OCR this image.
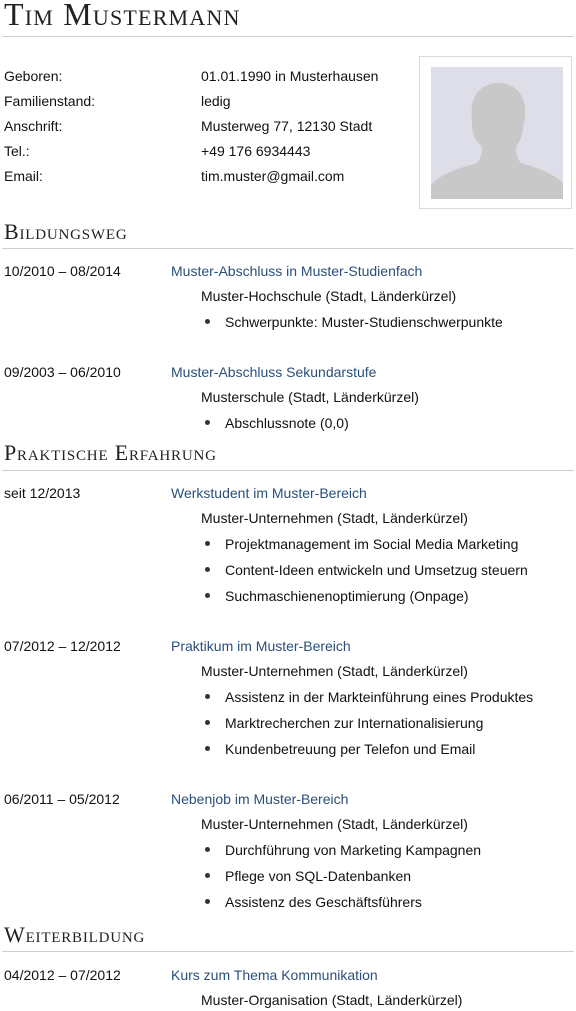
Tim Mustermann
Geboren:	01.01.1990 in Musterhausen
Familienstand:	ledig
Anschrift:	Musterweg 77, 12130 Stadt
Tel.:	+49 176 6934443
Email:	tim.muster@gmail.com
Bildungsweg
10/2010 – 08/2014	Muster-Abschluss in Muster-Studienfach
Muster-Hochschule (Stadt, Länderkürzel)
Schwerpunkte: Muster-Studienschwerpunkte
09/2003 – 06/2010	Muster-Abschluss Sekundarstufe
Musterschule (Stadt, Länderkürzel)
Abschlussnote (0,0)
Praktische Erfahrung
seit 12/2013	Werkstudent im Muster-Bereich
Muster-Unternehmen (Stadt, Länderkürzel)
Projektmanagement im Social Media Marketing
Content-Ideen entwickeln und Umsetzug steuern
Suchmaschienenoptimierung (Onpage)
07/2012 – 12/2012	Praktikum im Muster-Bereich
Muster-Unternehmen (Stadt, Länderkürzel)
Assistenz in der Markteinführung eines Produktes
Marktrecherchen zur Internationalisierung
Kundenbetreuung per Telefon und Email
06/2011 – 05/2012	Nebenjob im Muster-Bereich
Muster-Unternehmen (Stadt, Länderkürzel)
Durchführung von Marketing Kampagnen
Pflege von SQL-Datenbanken
Assistenz des Geschäftsführers
Weiterbildung
04/2012 – 07/2012	Kurs zum Thema Kommunikation
Muster-Organisation (Stadt, Länderkürzel)
